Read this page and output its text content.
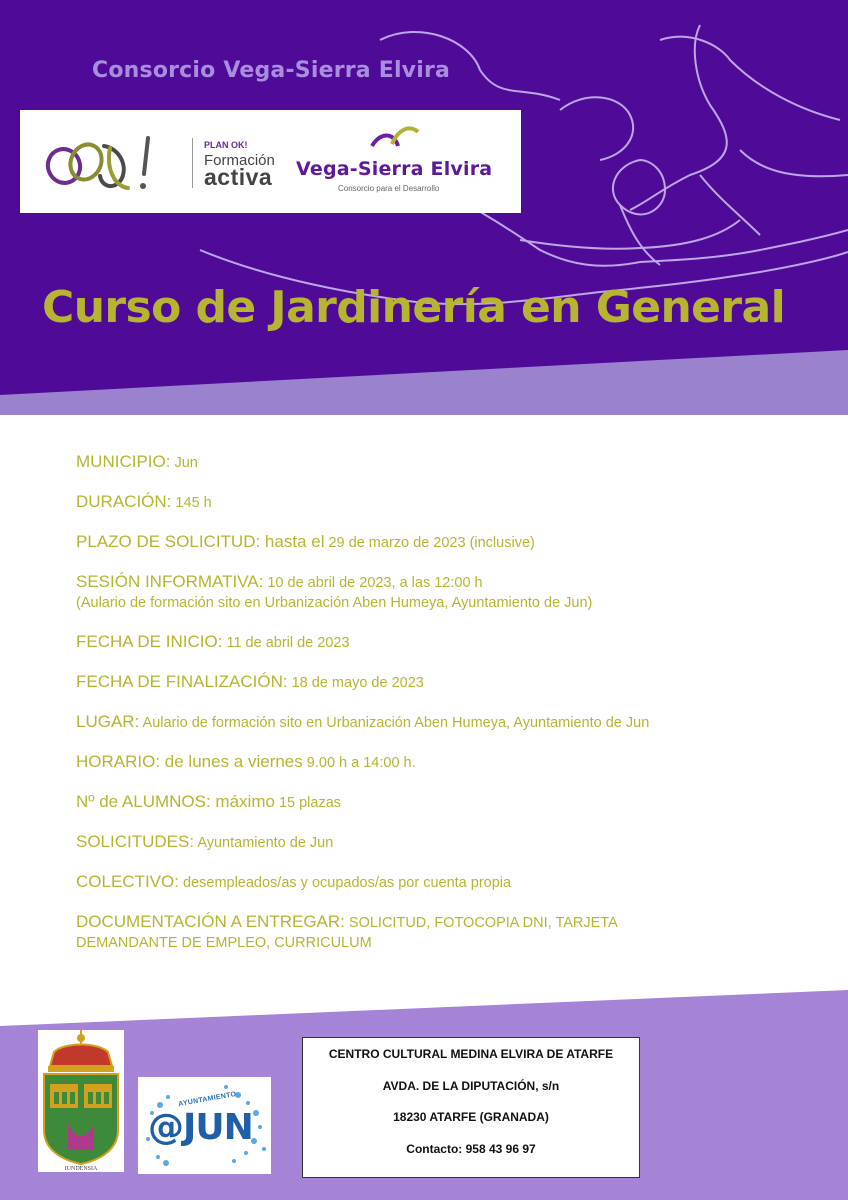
Consorcio Vega-Sierra Elvira
PLAN OK!
Formación
activa Vega-Sierra Elvira
Consorcio para el Desarrollo
Curso de Jardinería en General
MUNICIPIO: Jun
DURACIÓN: 145 h
PLAZO DE SOLICITUD: hasta el 29 de marzo de 2023 (inclusive)
SESIÓN INFORMATIVA: 10 de abril de 2023, a las 12:00 h
(Aulario de formación sito en Urbanización Aben Humeya, Ayuntamiento de Jun)
FECHA DE INICIO: 11 de abril de 2023
FECHA DE FINALIZACIÓN: 18 de mayo de 2023
LUGAR: Aulario de formación sito en Urbanización Aben Humeya, Ayuntamiento de Jun
HORARIO: de lunes a viernes 9.00 h a 14:00 h.
Nº de ALUMNOS: máximo 15 plazas
SOLICITUDES: Ayuntamiento de Jun
COLECTIVO: desempleados/as y ocupados/as por cuenta propia
DOCUMENTACIÓN A ENTREGAR: SOLICITUD, FOTOCOPIA DNI, TARJETA
DEMANDANTE DE EMPLEO, CURRICULUM
IUNDENSIA
AYUNTAMIENTO
@JUN
CENTRO CULTURAL MEDINA ELVIRA DE ATARFE
AVDA. DE LA DIPUTACIÓN, s/n
18230 ATARFE (GRANADA)
Contacto: 958 43 96 97
